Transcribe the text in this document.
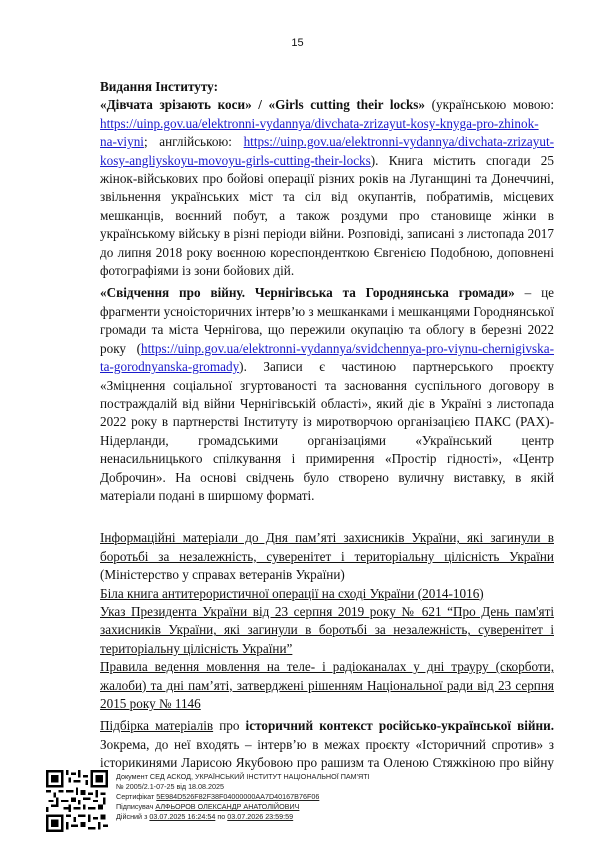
15

Видання Інституту:

«Дівчата зрізають коси» / «Girls cutting their locks» (українською мовою: https://uinp.gov.ua/elektronni-vydannya/divchata-zrizayut-kosy-knyga-pro-zhinok-na-viyni; англійською: https://uinp.gov.ua/elektronni-vydannya/divchata-zrizayut-kosy-angliyskoyu-movoyu-girls-cutting-their-locks). Книга містить спогади 25 жінок-військових про бойові операції різних років на Луганщині та Донеччині, звільнення українських міст та сіл від окупантів, побратимів, місцевих мешканців, воєнний побут, а також роздуми про становище жінки в українському війську в різні періоди війни. Розповіді, записані з листопада 2017 до липня 2018 року воєнною кореспонденткою Євгенією Подобною, доповнені фотографіями із зони бойових дій.

«Свідчення про війну. Чернігівська та Городнянська громади» – це фрагменти усноісторичних інтерв’ю з мешканками і мешканцями Городнянської громади та міста Чернігова, що пережили окупацію та облогу в березні 2022 року (https://uinp.gov.ua/elektronni-vydannya/svidchennya-pro-viynu-chernigivska-ta-gorodnyanska-gromady). Записи є частиною партнерського проєкту «Зміцнення соціальної згуртованості та засновання суспільного договору в постраждалій від війни Чернігівській області», який діє в Україні з листопада 2022 року в партнерстві Інституту із миротворчою організацією ПАКС (PAX)-Нідерланди, громадськими організаціями «Український центр ненасильницького спілкування і примирення «Простір гідності», «Центр Доброчин». На основі свідчень було створено вуличну виставку, в якій матеріали подані в ширшому форматі.

Інформаційні матеріали до Дня пам’яті захисників України, які загинули в боротьбі за незалежність, суверенітет і територіальну цілісність України (Міністерство у справах ветеранів України)

Біла книга антитерористичної операції на сході України (2014-1016)

Указ Президента України від 23 серпня 2019 року № 621 “Про День пам'яті захисників України, які загинули в боротьбі за незалежність, суверенітет і територіальну цілісність України”

Правила ведення мовлення на теле- і радіоканалах у дні трауру (скорботи, жалоби) та дні пам’яті, затверджені рішенням Національної ради від 23 серпня 2015 року № 1146

Підбірка матеріалів про історичний контекст російсько-української війни. Зокрема, до неї входять – інтерв’ю в межах проєкту «Історичний спротив» з історикинями Ларисою Якубовою про рашизм та Оленою Стяжкіною про війну

Документ СЕД АСКОД, УКРАЇНСЬКИЙ ІНСТИТУТ НАЦІОНАЛЬНОЇ ПАМ'ЯТІ
№ 2005/2.1-07-25 від 18.08.2025
Сертифікат 5E984D526F82F38F04000000AA7D40167B76F06
Підписувач АЛФЬОРОВ ОЛЕКСАНДР АНАТОЛІЙОВИЧ
Дійсний з 03.07.2025 16:24:54 по 03.07.2026 23:59:59
